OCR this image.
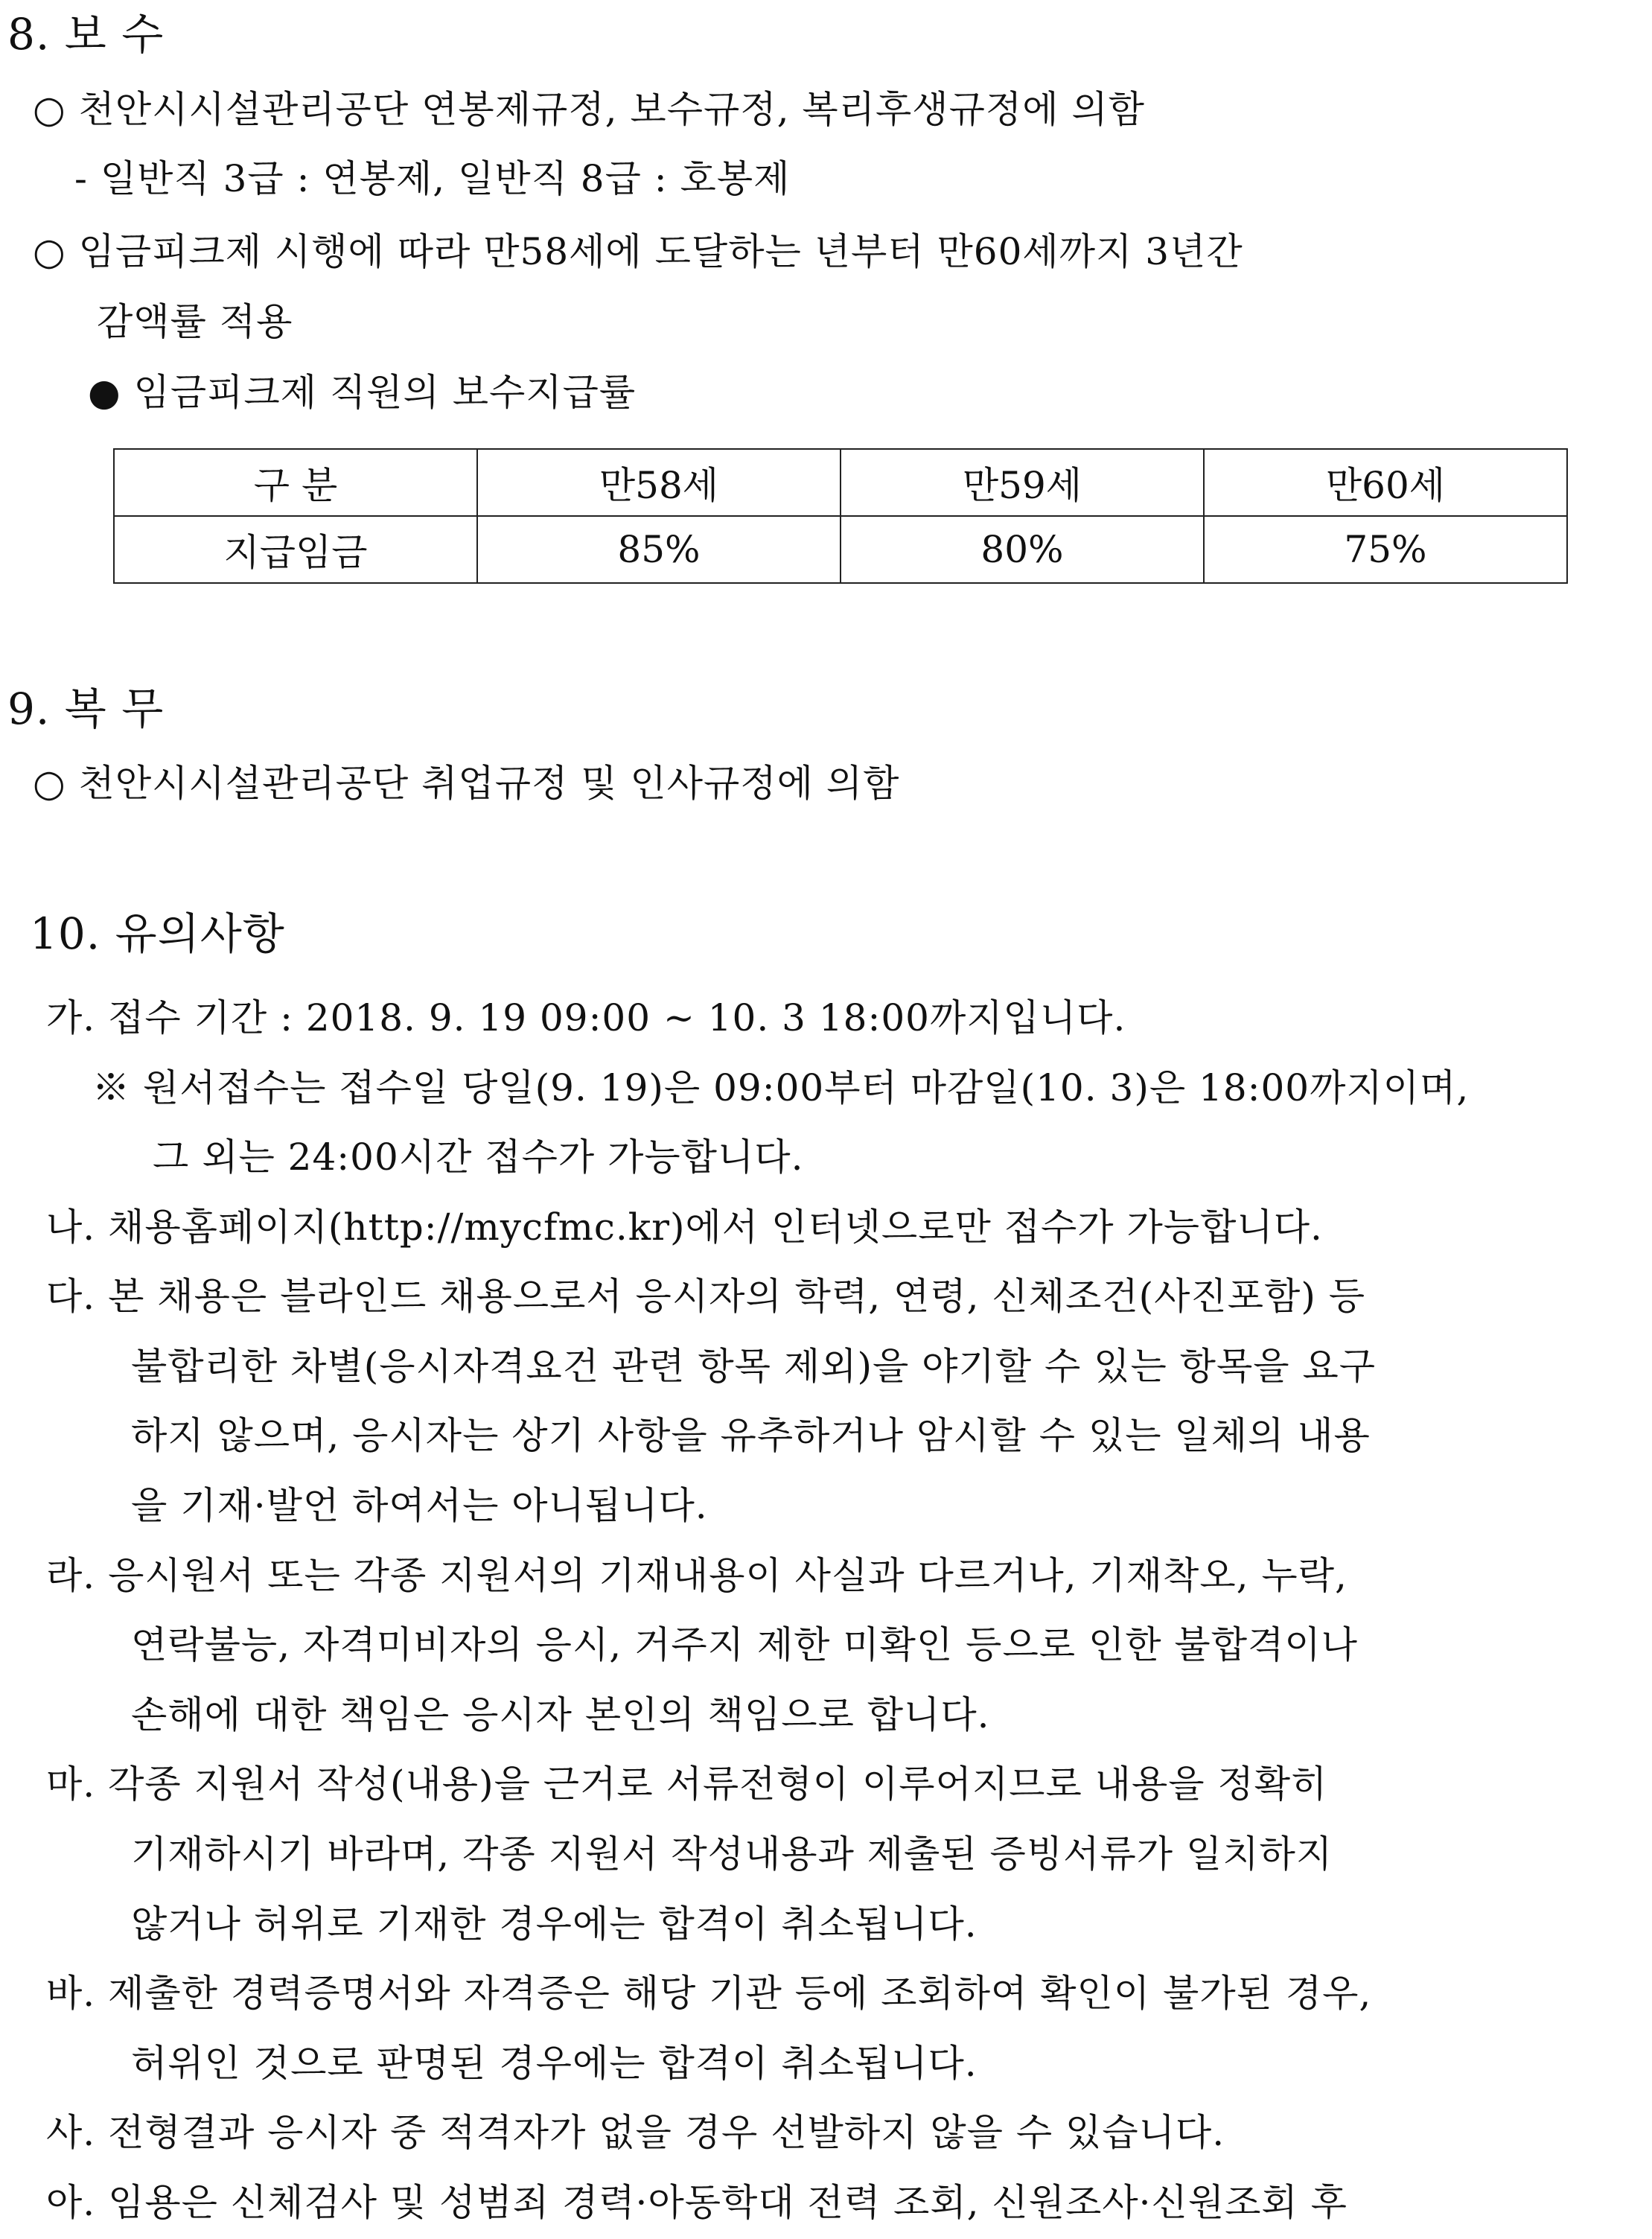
8. 보 수
○ 천안시시설관리공단 연봉제규정, 보수규정, 복리후생규정에 의함
- 일반직 3급 : 연봉제, 일반직 8급 : 호봉제
○ 임금피크제 시행에 따라 만58세에 도달하는 년부터 만60세까지 3년간
감액률 적용
● 임금피크제 직원의 보수지급률
구 분	만58세	만59세	만60세
지급임금	85%	80%	75%
9. 복 무
○ 천안시시설관리공단 취업규정 및 인사규정에 의함
10. 유의사항
가. 접수 기간 : 2018. 9. 19 09:00 ~ 10. 3 18:00까지입니다.
※ 원서접수는 접수일 당일(9. 19)은 09:00부터 마감일(10. 3)은 18:00까지이며,
그 외는 24:00시간 접수가 가능합니다.
나. 채용홈페이지(http://mycfmc.kr)에서 인터넷으로만 접수가 가능합니다.
다. 본 채용은 블라인드 채용으로서 응시자의 학력, 연령, 신체조건(사진포함) 등
불합리한 차별(응시자격요건 관련 항목 제외)을 야기할 수 있는 항목을 요구
하지 않으며, 응시자는 상기 사항을 유추하거나 암시할 수 있는 일체의 내용
을 기재·발언 하여서는 아니됩니다.
라. 응시원서 또는 각종 지원서의 기재내용이 사실과 다르거나, 기재착오, 누락,
연락불능, 자격미비자의 응시, 거주지 제한 미확인 등으로 인한 불합격이나
손해에 대한 책임은 응시자 본인의 책임으로 합니다.
마. 각종 지원서 작성(내용)을 근거로 서류전형이 이루어지므로 내용을 정확히
기재하시기 바라며, 각종 지원서 작성내용과 제출된 증빙서류가 일치하지
않거나 허위로 기재한 경우에는 합격이 취소됩니다.
바. 제출한 경력증명서와 자격증은 해당 기관 등에 조회하여 확인이 불가된 경우,
허위인 것으로 판명된 경우에는 합격이 취소됩니다.
사. 전형결과 응시자 중 적격자가 없을 경우 선발하지 않을 수 있습니다.
아. 임용은 신체검사 및 성범죄 경력·아동학대 전력 조회, 신원조사·신원조회 후
